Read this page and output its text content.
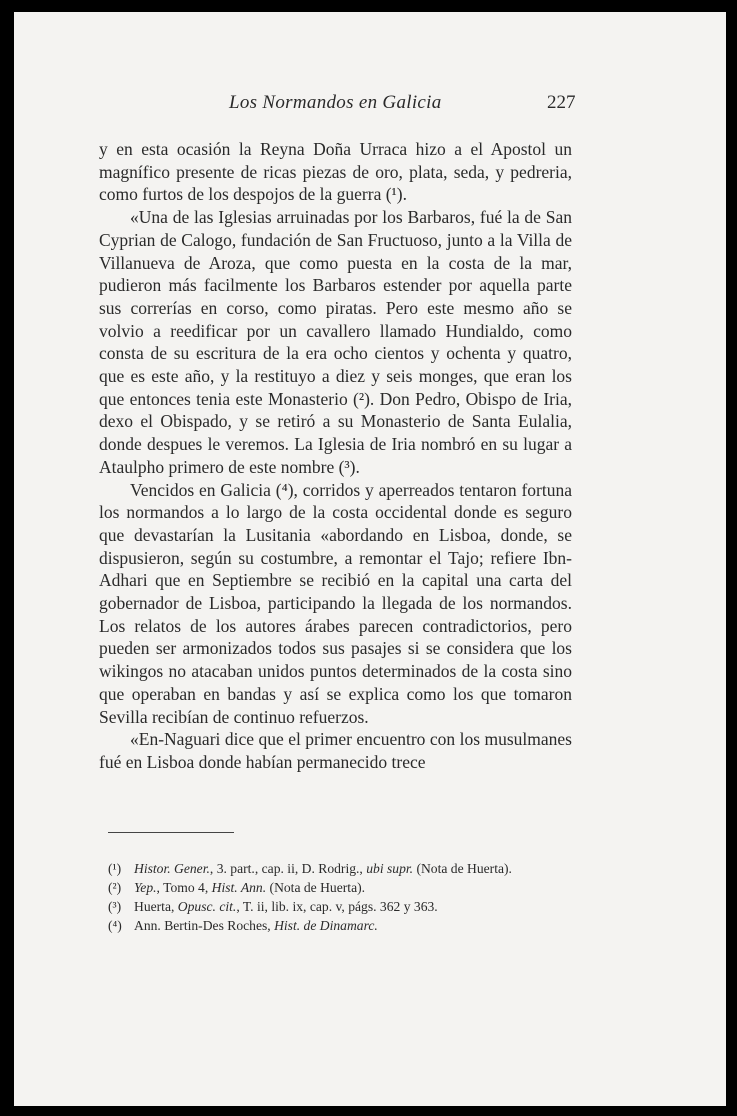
Los Normandos en Galicia	227

y en esta ocasión la Reyna Doña Urraca hizo a el Apostol un magnífico presente de ricas piezas de oro, plata, seda, y pedreria, como furtos de los despojos de la guerra (¹).

«Una de las Iglesias arruinadas por los Barbaros, fué la de San Cyprian de Calogo, fundación de San Fructuoso, junto a la Villa de Villanueva de Aroza, que como puesta en la costa de la mar, pudieron más facilmente los Barbaros estender por aquella parte sus correrías en corso, como piratas. Pero este mesmo año se volvio a reedificar por un cavallero llamado Hundialdo, como consta de su escritura de la era ocho cientos y ochenta y quatro, que es este año, y la restituyo a diez y seis monges, que eran los que entonces tenia este Monasterio (²). Don Pedro, Obispo de Iria, dexo el Obispado, y se retiró a su Monasterio de Santa Eulalia, donde despues le veremos. La Iglesia de Iria nombró en su lugar a Ataulpho primero de este nombre (³).

Vencidos en Galicia (⁴), corridos y aperreados tentaron fortuna los normandos a lo largo de la costa occidental donde es seguro que devastarían la Lusitania «abordando en Lisboa, donde, se dispusieron, según su costumbre, a remontar el Tajo; refiere Ibn-Adhari que en Septiembre se recibió en la capital una carta del gobernador de Lisboa, participando la llegada de los normandos. Los relatos de los autores árabes parecen contradictorios, pero pueden ser armonizados todos sus pasajes si se considera que los wikingos no atacaban unidos puntos determinados de la costa sino que operaban en bandas y así se explica como los que tomaron Sevilla recibían de continuo refuerzos.

«En-Naguari dice que el primer encuentro con los musulmanes fué en Lisboa donde habían permanecido trece

(¹) Histor. Gener., 3. part., cap. ii, D. Rodrig., ubi supr. (Nota de Huerta).

(²) Yep., Tomo 4, Hist. Ann. (Nota de Huerta).

(³) Huerta, Opusc. cit., T. ii, lib. ix, cap. v, págs. 362 y 363.

(⁴) Ann. Bertin-Des Roches, Hist. de Dinamarc.
